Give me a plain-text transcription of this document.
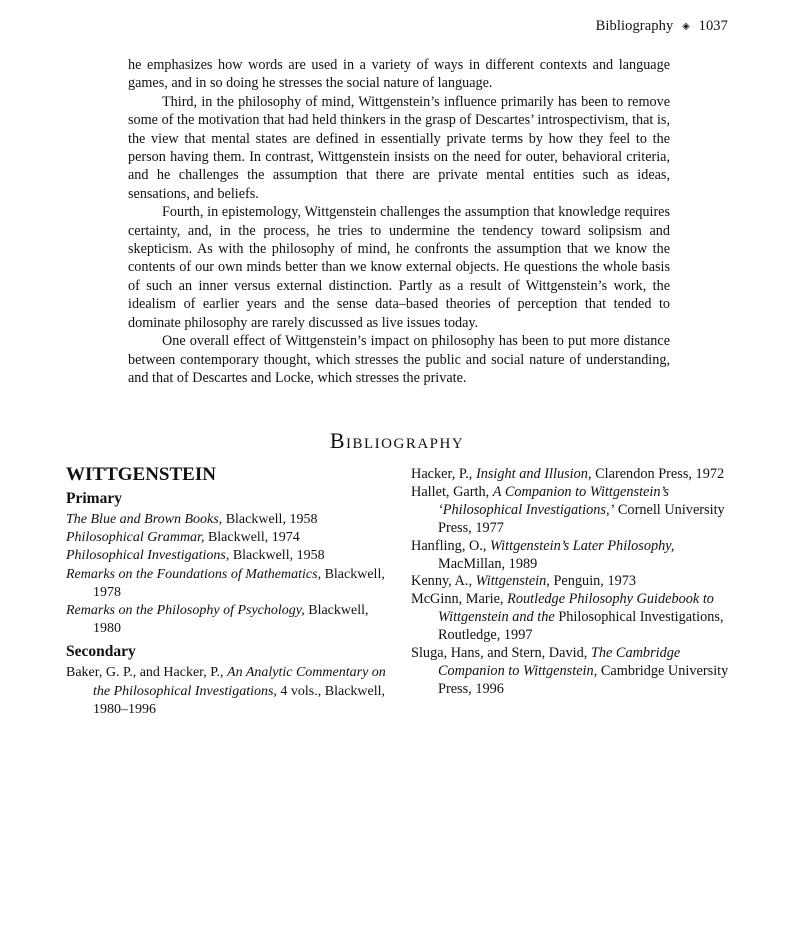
Bibliography ◈ 1037

he emphasizes how words are used in a variety of ways in different contexts and language games, and in so doing he stresses the social nature of language.

Third, in the philosophy of mind, Wittgenstein’s influence primarily has been to remove some of the motivation that had held thinkers in the grasp of Descartes’ introspectivism, that is, the view that mental states are defined in essentially private terms by how they feel to the person having them. In contrast, Wittgenstein insists on the need for outer, behavioral criteria, and he challenges the assumption that there are private mental entities such as ideas, sensations, and beliefs.

Fourth, in epistemology, Wittgenstein challenges the assumption that knowledge requires certainty, and, in the process, he tries to undermine the tendency toward solipsism and skepticism. As with the philosophy of mind, he confronts the assumption that we know the contents of our own minds better than we know external objects. He questions the whole basis of such an inner versus external distinction. Partly as a result of Wittgenstein’s work, the idealism of earlier years and the sense data–based theories of perception that tended to dominate philosophy are rarely discussed as live issues today.

One overall effect of Wittgenstein’s impact on philosophy has been to put more distance between contemporary thought, which stresses the public and social nature of understanding, and that of Descartes and Locke, which stresses the private.

Bibliography
WITTGENSTEIN
Primary

The Blue and Brown Books, Blackwell, 1958

Philosophical Grammar, Blackwell, 1974

Philosophical Investigations, Blackwell, 1958

Remarks on the Foundations of Mathematics, Blackwell, 1978

Remarks on the Philosophy of Psychology, Blackwell, 1980

Secondary

Baker, G. P., and Hacker, P., An Analytic Commentary on the Philosophical Investigations, 4 vols., Blackwell, 1980–1996

Hacker, P., Insight and Illusion, Clarendon Press, 1972

Hallet, Garth, A Companion to Wittgenstein’s ‘Philosophical Investigations,’ Cornell University Press, 1977

Hanfling, O., Wittgenstein’s Later Philosophy, MacMillan, 1989

Kenny, A., Wittgenstein, Penguin, 1973

McGinn, Marie, Routledge Philosophy Guidebook to Wittgenstein and the Philosophical Investigations, Routledge, 1997

Sluga, Hans, and Stern, David, The Cambridge Companion to Wittgenstein, Cambridge University Press, 1996
